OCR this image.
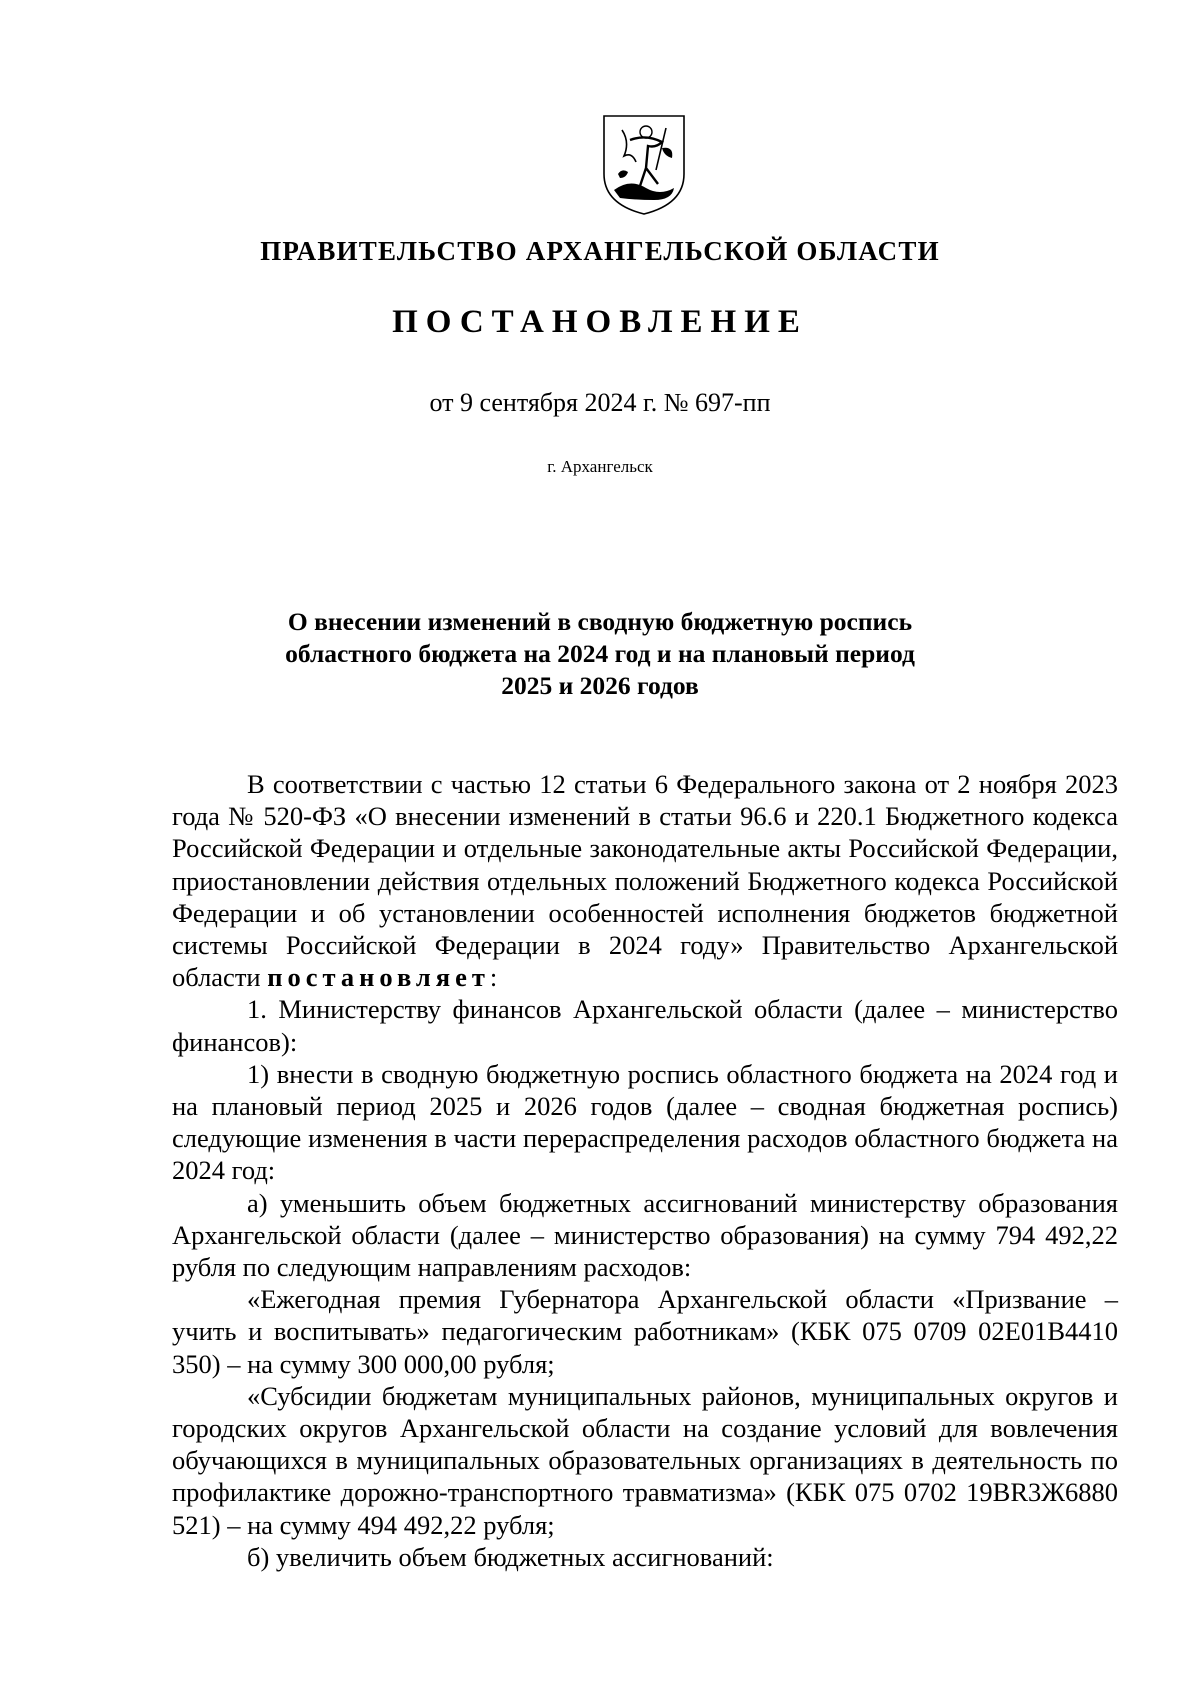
ПРАВИТЕЛЬСТВО АРХАНГЕЛЬСКОЙ ОБЛАСТИ
ПОСТАНОВЛЕНИЕ
от 9 сентября 2024 г. № 697-пп
г. Архангельск
О внесении изменений в сводную бюджетную роспись
областного бюджета на 2024 год и на плановый период
2025 и 2026 годов

В соответствии с частью 12 статьи 6 Федерального закона от 2 ноября 2023 года № 520-ФЗ «О внесении изменений в статьи 96.6 и 220.1 Бюджетного кодекса Российской Федерации и отдельные законодательные акты Российской Федерации, приостановлении действия отдельных положений Бюджетного кодекса Российской Федерации и об установлении особенностей исполнения бюджетов бюджетной системы Российской Федерации в 2024 году» Правительство Архангельской области постановляет:

1. Министерству финансов Архангельской области (далее – министерство финансов):

1) внести в сводную бюджетную роспись областного бюджета на 2024 год и на плановый период 2025 и 2026 годов (далее – сводная бюджетная роспись) следующие изменения в части перераспределения расходов областного бюджета на 2024 год:

а) уменьшить объем бюджетных ассигнований министерству образования Архангельской области (далее – министерство образования) на сумму 794 492,22 рубля по следующим направлениям расходов:

«Ежегодная премия Губернатора Архангельской области «Призвание – учить и воспитывать» педагогическим работникам» (КБК 075 0709 02Е01В4410 350) – на сумму 300 000,00 рубля;

«Субсидии бюджетам муниципальных районов, муниципальных округов и городских округов Архангельской области на создание условий для вовлечения обучающихся в муниципальных образовательных организациях в деятельность по профилактике дорожно-транспортного травматизма» (КБК 075 0702 19BR3Ж6880 521) – на сумму 494 492,22 рубля;

б) увеличить объем бюджетных ассигнований:
